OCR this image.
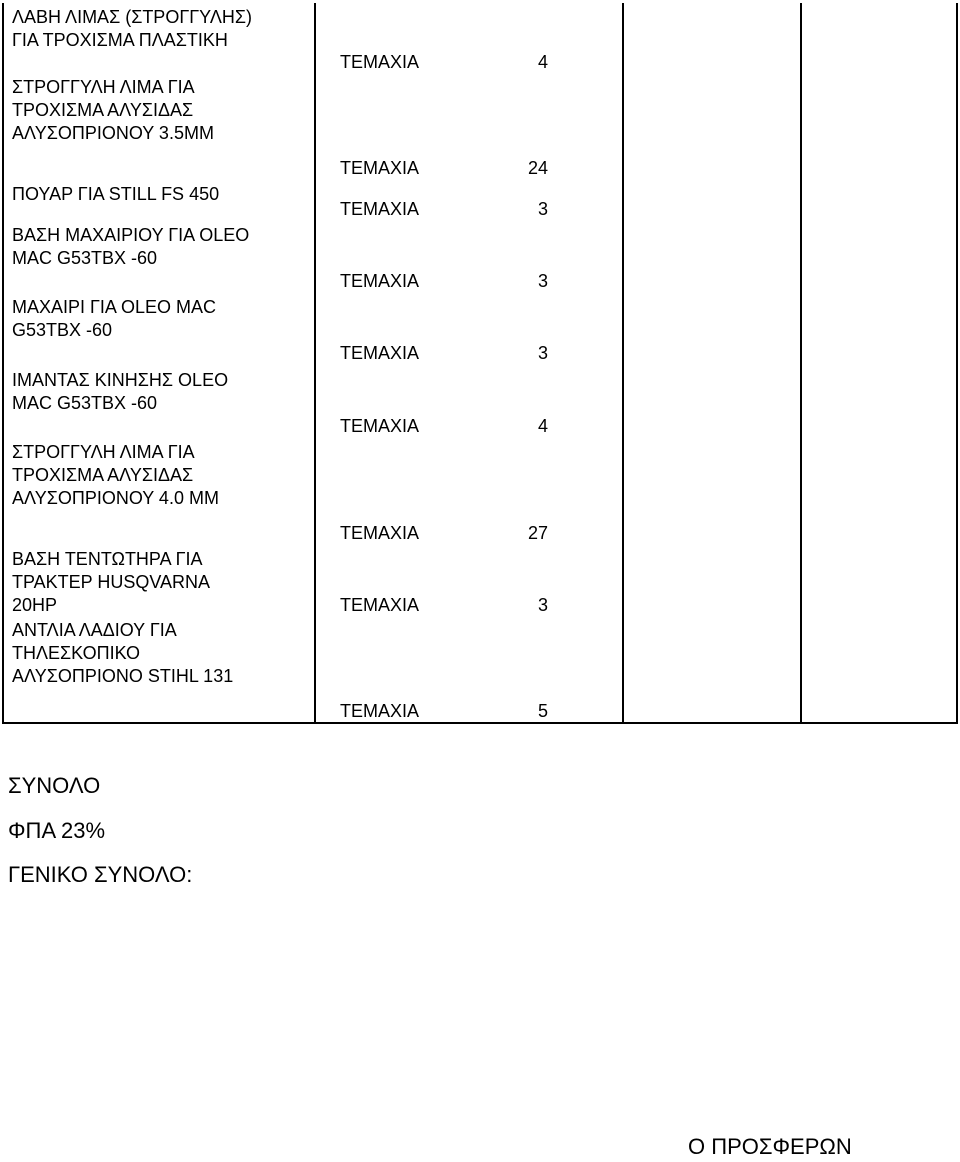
ΛΑΒΗ ΛΙΜΑΣ (ΣΤΡΟΓΓΥΛΗΣ)
ΓΙΑ ΤΡΟΧΙΣΜΑ ΠΛΑΣΤΙΚΗ
ΤΕΜΑΧΙΑ	4
ΣΤΡΟΓΓΥΛΗ ΛΙΜΑ ΓΙΑ
ΤΡΟΧΙΣΜΑ ΑΛΥΣΙΔΑΣ
ΑΛΥΣΟΠΡΙΟΝΟΥ 3.5ΜΜ
ΤΕΜΑΧΙΑ	24
ΠΟΥΑΡ ΓΙΑ STILL FS 450
ΤΕΜΑΧΙΑ	3
ΒΑΣΗ ΜΑΧΑΙΡΙΟΥ ΓΙΑ OLEO
MAC G53TBX -60
ΤΕΜΑΧΙΑ	3
ΜΑΧΑΙΡΙ ΓΙΑ OLEO MAC
G53TBX -60
ΤΕΜΑΧΙΑ	3
ΙΜΑΝΤΑΣ ΚΙΝΗΣΗΣ OLEO
MAC G53TBX -60
ΤΕΜΑΧΙΑ	4
ΣΤΡΟΓΓΥΛΗ ΛΙΜΑ ΓΙΑ
ΤΡΟΧΙΣΜΑ ΑΛΥΣΙΔΑΣ
ΑΛΥΣΟΠΡΙΟΝΟΥ 4.0 ΜΜ
ΤΕΜΑΧΙΑ	27
ΒΑΣΗ ΤΕΝΤΩΤΗΡΑ ΓΙΑ
ΤΡΑΚΤΕΡ HUSQVARNA
20HP	ΤΕΜΑΧΙΑ	3
ΑΝΤΛΙΑ ΛΑΔΙΟΥ ΓΙΑ
ΤΗΛΕΣΚΟΠΙΚΟ
ΑΛΥΣΟΠΡΙΟΝΟ STIHL 131
ΤΕΜΑΧΙΑ	5
ΣΥΝΟΛΟ
ΦΠΑ 23%
ΓΕΝΙΚΟ ΣΥΝΟΛΟ:
Ο ΠΡΟΣΦΕΡΩΝ
